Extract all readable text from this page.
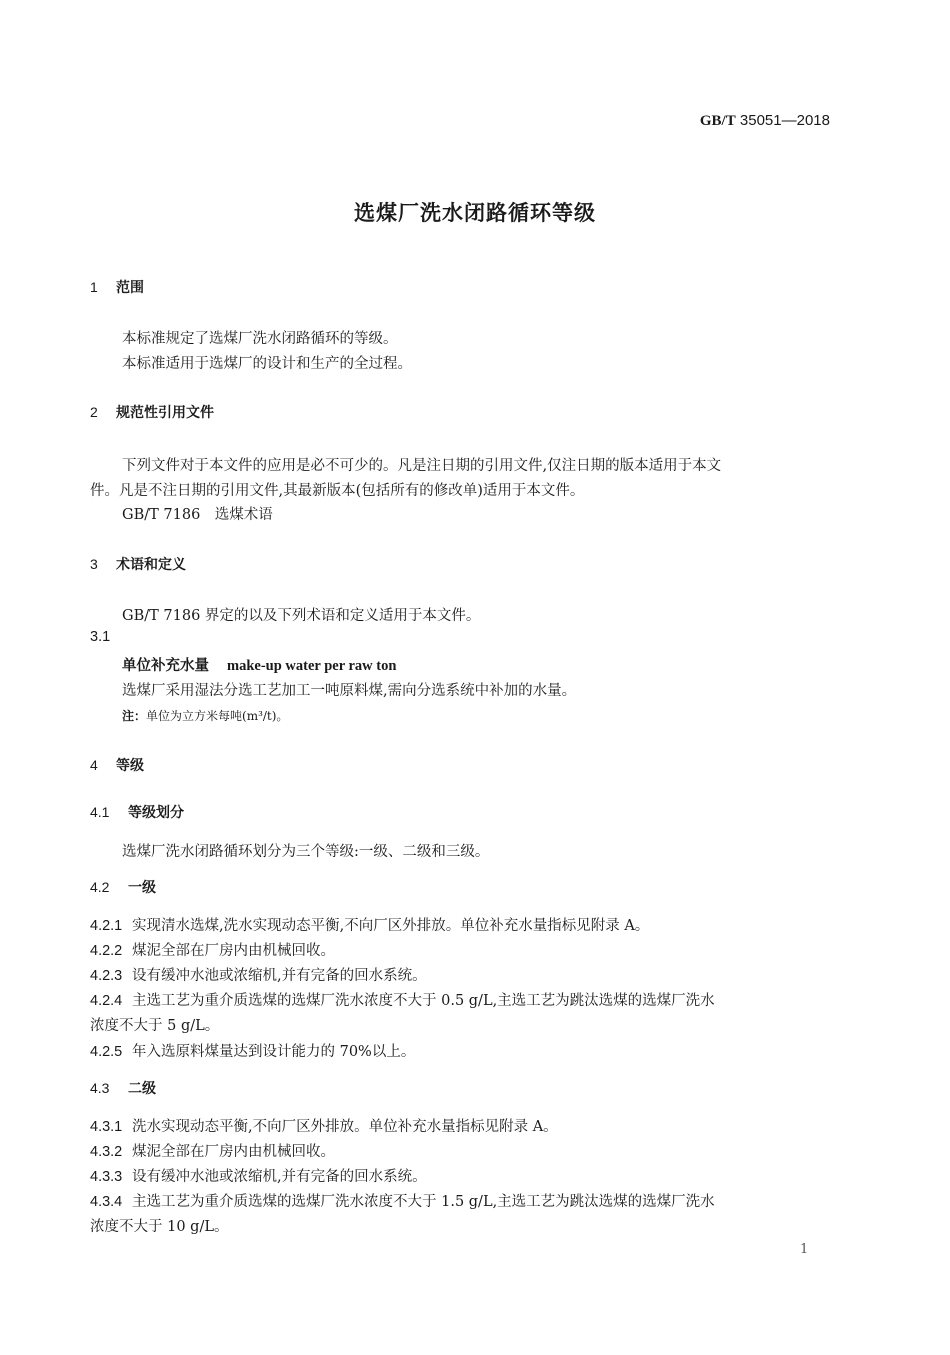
GB/T 35051—2018
选煤厂洗水闭路循环等级
1 范围
本标准规定了选煤厂洗水闭路循环的等级。
本标准适用于选煤厂的设计和生产的全过程。
2 规范性引用文件
下列文件对于本文件的应用是必不可少的。凡是注日期的引用文件,仅注日期的版本适用于本文
件。凡是不注日期的引用文件,其最新版本(包括所有的修改单)适用于本文件。
GB/T 7186　选煤术语
3 术语和定义
GB/T 7186 界定的以及下列术语和定义适用于本文件。
3.1
单位补充水量 make-up water per raw ton
选煤厂采用湿法分选工艺加工一吨原料煤,需向分选系统中补加的水量。
注：单位为立方米每吨(m³/t)。
4 等级
4.1 等级划分
选煤厂洗水闭路循环划分为三个等级:一级、二级和三级。
4.2 一级
4.2.1 实现清水选煤,洗水实现动态平衡,不向厂区外排放。单位补充水量指标见附录 A。
4.2.2 煤泥全部在厂房内由机械回收。
4.2.3 设有缓冲水池或浓缩机,并有完备的回水系统。
4.2.4 主选工艺为重介质选煤的选煤厂洗水浓度不大于 0.5 g/L,主选工艺为跳汰选煤的选煤厂洗水
浓度不大于 5 g/L。
4.2.5 年入选原料煤量达到设计能力的 70%以上。
4.3 二级
4.3.1 洗水实现动态平衡,不向厂区外排放。单位补充水量指标见附录 A。
4.3.2 煤泥全部在厂房内由机械回收。
4.3.3 设有缓冲水池或浓缩机,并有完备的回水系统。
4.3.4 主选工艺为重介质选煤的选煤厂洗水浓度不大于 1.5 g/L,主选工艺为跳汰选煤的选煤厂洗水
浓度不大于 10 g/L。
1
